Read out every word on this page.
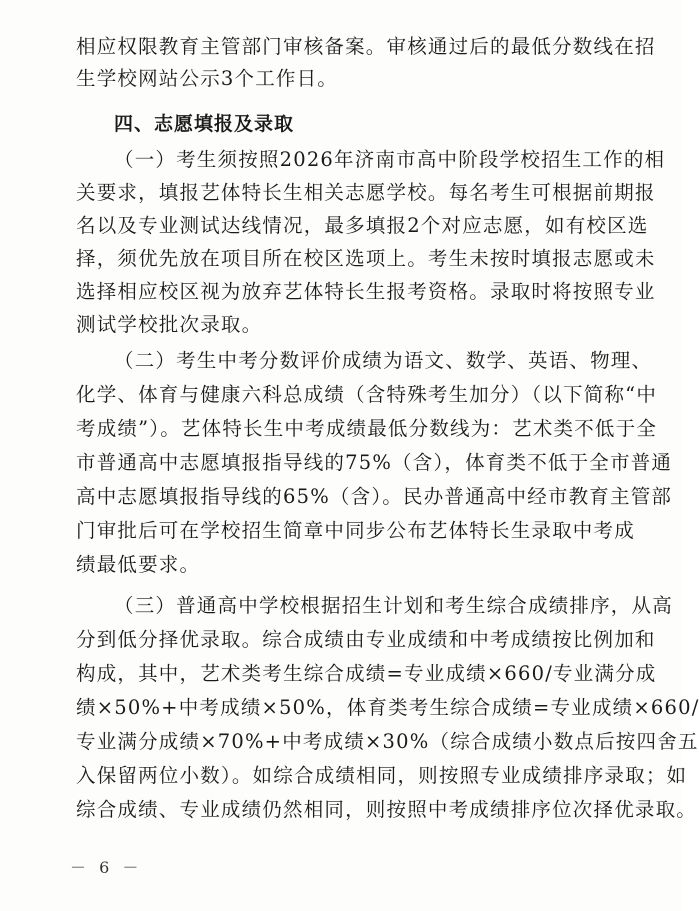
相应权限教育主管部门审核备案。审核通过后的最低分数线在招
生学校网站公示3个工作日。
四、志愿填报及录取
（一）考生须按照2026年济南市高中阶段学校招生工作的相
关要求，填报艺体特长生相关志愿学校。每名考生可根据前期报
名以及专业测试达线情况，最多填报2个对应志愿，如有校区选
择，须优先放在项目所在校区选项上。考生未按时填报志愿或未
选择相应校区视为放弃艺体特长生报考资格。录取时将按照专业
测试学校批次录取。
（二）考生中考分数评价成绩为语文、数学、英语、物理、
化学、体育与健康六科总成绩（含特殊考生加分）（以下简称“中
考成绩”）。艺体特长生中考成绩最低分数线为：艺术类不低于全
市普通高中志愿填报指导线的75%（含），体育类不低于全市普通
高中志愿填报指导线的65%（含）。民办普通高中经市教育主管部
门审批后可在学校招生简章中同步公布艺体特长生录取中考成
绩最低要求。
（三）普通高中学校根据招生计划和考生综合成绩排序，从高
分到低分择优录取。综合成绩由专业成绩和中考成绩按比例加和
构成，其中，艺术类考生综合成绩=专业成绩×660/专业满分成
绩×50%+中考成绩×50%，体育类考生综合成绩=专业成绩×660/
专业满分成绩×70%+中考成绩×30%（综合成绩小数点后按四舍五
入保留两位小数）。如综合成绩相同，则按照专业成绩排序录取；如
综合成绩、专业成绩仍然相同，则按照中考成绩排序位次择优录取。
－ 6 －
